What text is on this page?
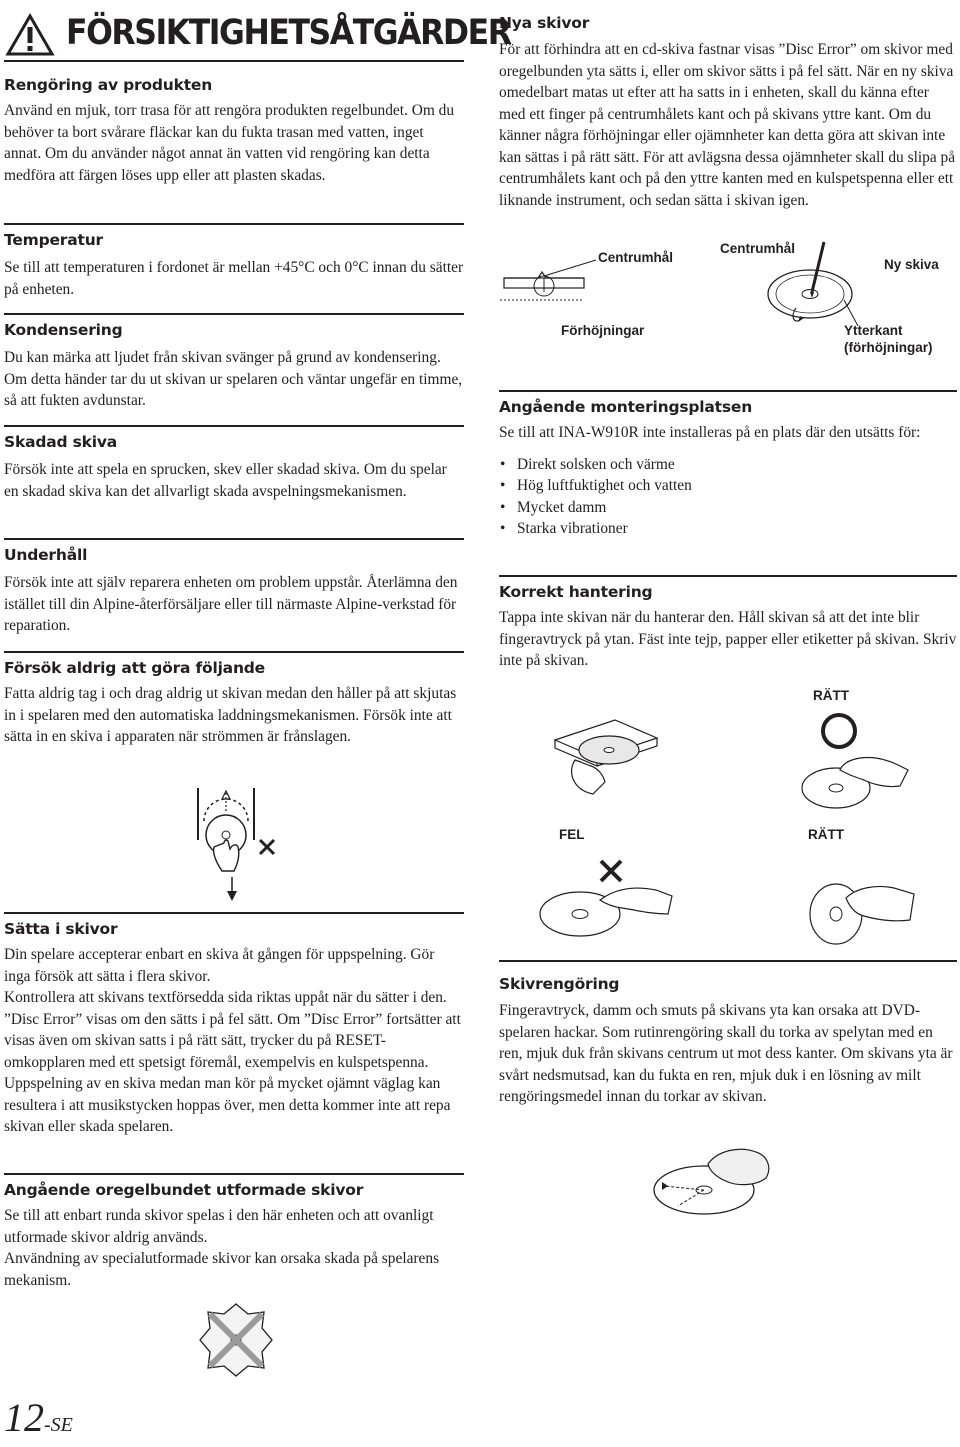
FÖRSIKTIGHETSÅTGÄRDER
Rengöring av produkten

Använd en mjuk, torr trasa för att rengöra produkten regelbundet. Om du behöver ta bort svårare fläckar kan du fukta trasan med vatten, inget annat. Om du använder något annat än vatten vid rengöring kan detta medföra att färgen löses upp eller att plasten skadas.

Temperatur

Se till att temperaturen i fordonet är mellan +45°C och 0°C innan du sätter på enheten.

Kondensering

Du kan märka att ljudet från skivan svänger på grund av kondensering. Om detta händer tar du ut skivan ur spelaren och väntar ungefär en timme, så att fukten avdunstar.

Skadad skiva

Försök inte att spela en sprucken, skev eller skadad skiva. Om du spelar en skadad skiva kan det allvarligt skada avspelningsmekanismen.

Underhåll

Försök inte att själv reparera enheten om problem uppstår. Återlämna den istället till din Alpine-återförsäljare eller till närmaste Alpine-verkstad för reparation.

Försök aldrig att göra följande

Fatta aldrig tag i och drag aldrig ut skivan medan den håller på att skjutas in i spelaren med den automatiska laddningsmekanismen. Försök inte att sätta in en skiva i apparaten när strömmen är frånslagen.

Sätta i skivor

Din spelare accepterar enbart en skiva åt gången för uppspelning. Gör inga försök att sätta i flera skivor.
Kontrollera att skivans textförsedda sida riktas uppåt när du sätter i den. ”Disc Error” visas om den sätts i på fel sätt. Om ”Disc Error” fortsätter att visas även om skivan satts i på rätt sätt, trycker du på RESET-omkopplaren med ett spetsigt föremål, exempelvis en kulspetspenna.
Uppspelning av en skiva medan man kör på mycket ojämnt väglag kan resultera i att musikstycken hoppas över, men detta kommer inte att repa skivan eller skada spelaren.

Angående oregelbundet utformade skivor

Se till att enbart runda skivor spelas i den här enheten och att ovanligt utformade skivor aldrig används.
Användning av specialutformade skivor kan orsaka skada på spelarens mekanism.

Nya skivor

För att förhindra att en cd-skiva fastnar visas ”Disc Error” om skivor med oregelbunden yta sätts i, eller om skivor sätts i på fel sätt. När en ny skiva omedelbart matas ut efter att ha satts in i enheten, skall du känna efter med ett finger på centrumhålets kant och på skivans yttre kant. Om du känner några förhöjningar eller ojämnheter kan detta göra att skivan inte kan sättas i på rätt sätt. För att avlägsna dessa ojämnheter skall du slipa på centrumhålets kant och på den yttre kanten med en kulspetspenna eller ett liknande instrument, och sedan sätta i skivan igen.

Centrumhål
Centrumhål
Ny skiva
Förhöjningar	Ytterkant
(förhöjningar)
Angående monteringsplatsen

Se till att INA-W910R inte installeras på en plats där den utsätts för:

• Direkt solsken och värme
• Hög luftfuktighet och vatten
• Mycket damm
• Starka vibrationer
Korrekt hantering

Tappa inte skivan när du hanterar den. Håll skivan så att det inte blir fingeravtryck på ytan. Fäst inte tejp, papper eller etiketter på skivan. Skriv inte på skivan.

RÄTT
FEL	RÄTT
Skivrengöring

Fingeravtryck, damm och smuts på skivans yta kan orsaka att DVD-spelaren hackar. Som rutinrengöring skall du torka av spelytan med en ren, mjuk duk från skivans centrum ut mot dess kanter. Om skivans yta är svårt nedsmutsad, kan du fukta en ren, mjuk duk i en lösning av milt rengöringsmedel innan du torkar av skivan.

12-SE
